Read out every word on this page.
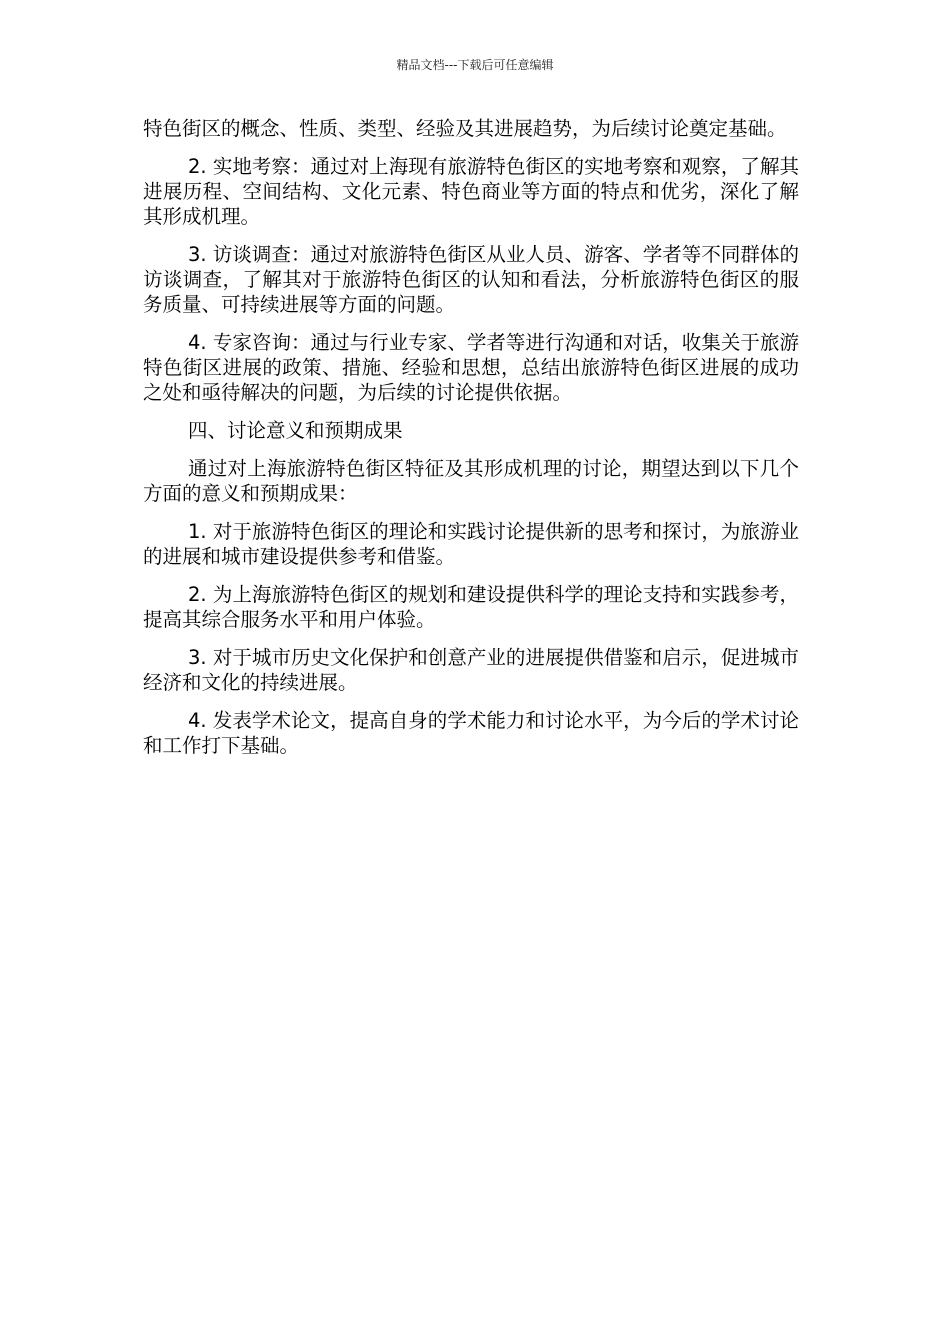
精品文档---下载后可任意编辑

特色街区的概念、性质、类型、经验及其进展趋势，为后续讨论奠定基础。

2. 实地考察：通过对上海现有旅游特色街区的实地考察和观察，了解其进展历程、空间结构、文化元素、特色商业等方面的特点和优劣，深化了解其形成机理。

3. 访谈调查：通过对旅游特色街区从业人员、游客、学者等不同群体的访谈调查，了解其对于旅游特色街区的认知和看法，分析旅游特色街区的服务质量、可持续进展等方面的问题。

4. 专家咨询：通过与行业专家、学者等进行沟通和对话，收集关于旅游特色街区进展的政策、措施、经验和思想，总结出旅游特色街区进展的成功之处和亟待解决的问题，为后续的讨论提供依据。

四、讨论意义和预期成果

通过对上海旅游特色街区特征及其形成机理的讨论，期望达到以下几个方面的意义和预期成果：

1. 对于旅游特色街区的理论和实践讨论提供新的思考和探讨，为旅游业的进展和城市建设提供参考和借鉴。

2. 为上海旅游特色街区的规划和建设提供科学的理论支持和实践参考，提高其综合服务水平和用户体验。

3. 对于城市历史文化保护和创意产业的进展提供借鉴和启示，促进城市经济和文化的持续进展。

4. 发表学术论文，提高自身的学术能力和讨论水平，为今后的学术讨论和工作打下基础。
